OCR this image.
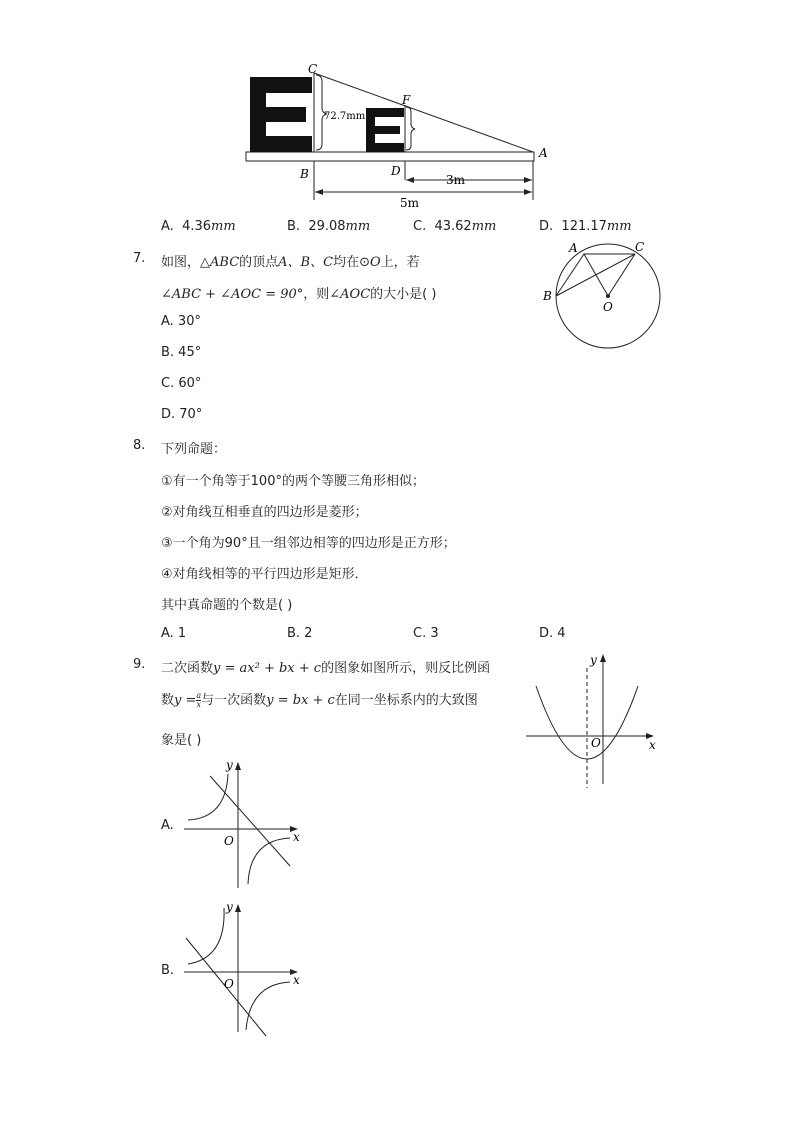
C
F
A
B	D
72.7mm
3m
5m
A. 4.36mm	B. 29.08mm	C. 43.62mm	D. 121.17mm
7. 如图，△ABC的顶点A、B、C均在⊙O上，若
∠ABC + ∠AOC = 90°，则∠AOC的大小是( )
A. 30°
B. 45°
C. 60°
D. 70°
A	C
B
O
8. 下列命题：
①有一个角等于100°的两个等腰三角形相似；
②对角线互相垂直的四边形是菱形；
③一个角为90°且一组邻边相等的四边形是正方形；
④对角线相等的平行四边形是矩形．
其中真命题的个数是( )
A. 1	B. 2	C. 3	D. 4
9. 二次函数y = ax² + bx + c的图象如图所示，则反比例函
数$y = \frac{a}{x}$ 与一次函数y = bx + c在同一坐标系内的大致图
象是( )	x
y
O
A.
x
y
O
B.
x
y
O
